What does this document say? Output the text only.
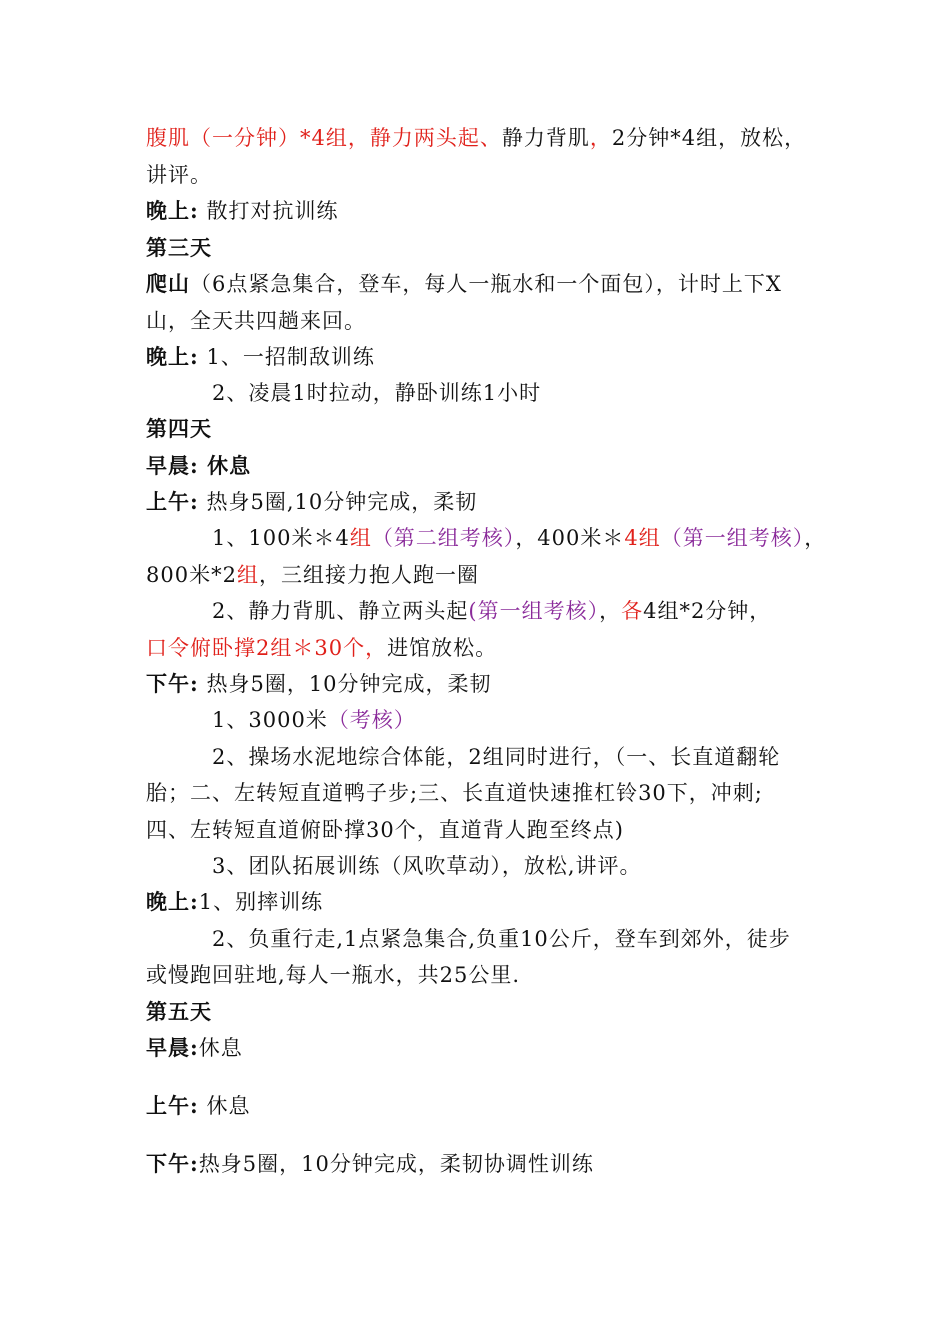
腹肌（一分钟）*4组，静力两头起、静力背肌，2分钟*4组，放松，
讲评。
晚上: 散打对抗训练
第三天
爬山（6点紧急集合，登车，每人一瓶水和一个面包），计时上下X
山，全天共四趟来回。
晚上: 1、一招制敌训练
2、凌晨1时拉动，静卧训练1小时
第四天
早晨: 休息
上午: 热身5圈,10分钟完成，柔韧
1、100米＊4组（第二组考核），400米＊4组（第一组考核），
800米*2组，三组接力抱人跑一圈
2、静力背肌、静立两头起(第一组考核），各4组*2分钟，
口令俯卧撑2组＊30个，进馆放松。
下午: 热身5圈，10分钟完成，柔韧
1、3000米（考核）
2、操场水泥地综合体能，2组同时进行，（一、长直道翻轮
胎；二、左转短直道鸭子步;三、长直道快速推杠铃30下，冲刺;
四、左转短直道俯卧撑30个，直道背人跑至终点)
3、团队拓展训练（风吹草动），放松,讲评。
晚上:1、别摔训练
2、负重行走,1点紧急集合,负重10公斤，登车到郊外，徒步
或慢跑回驻地,每人一瓶水，共25公里.
第五天
早晨:休息
上午: 休息
下午:热身5圈，10分钟完成，柔韧协调性训练
